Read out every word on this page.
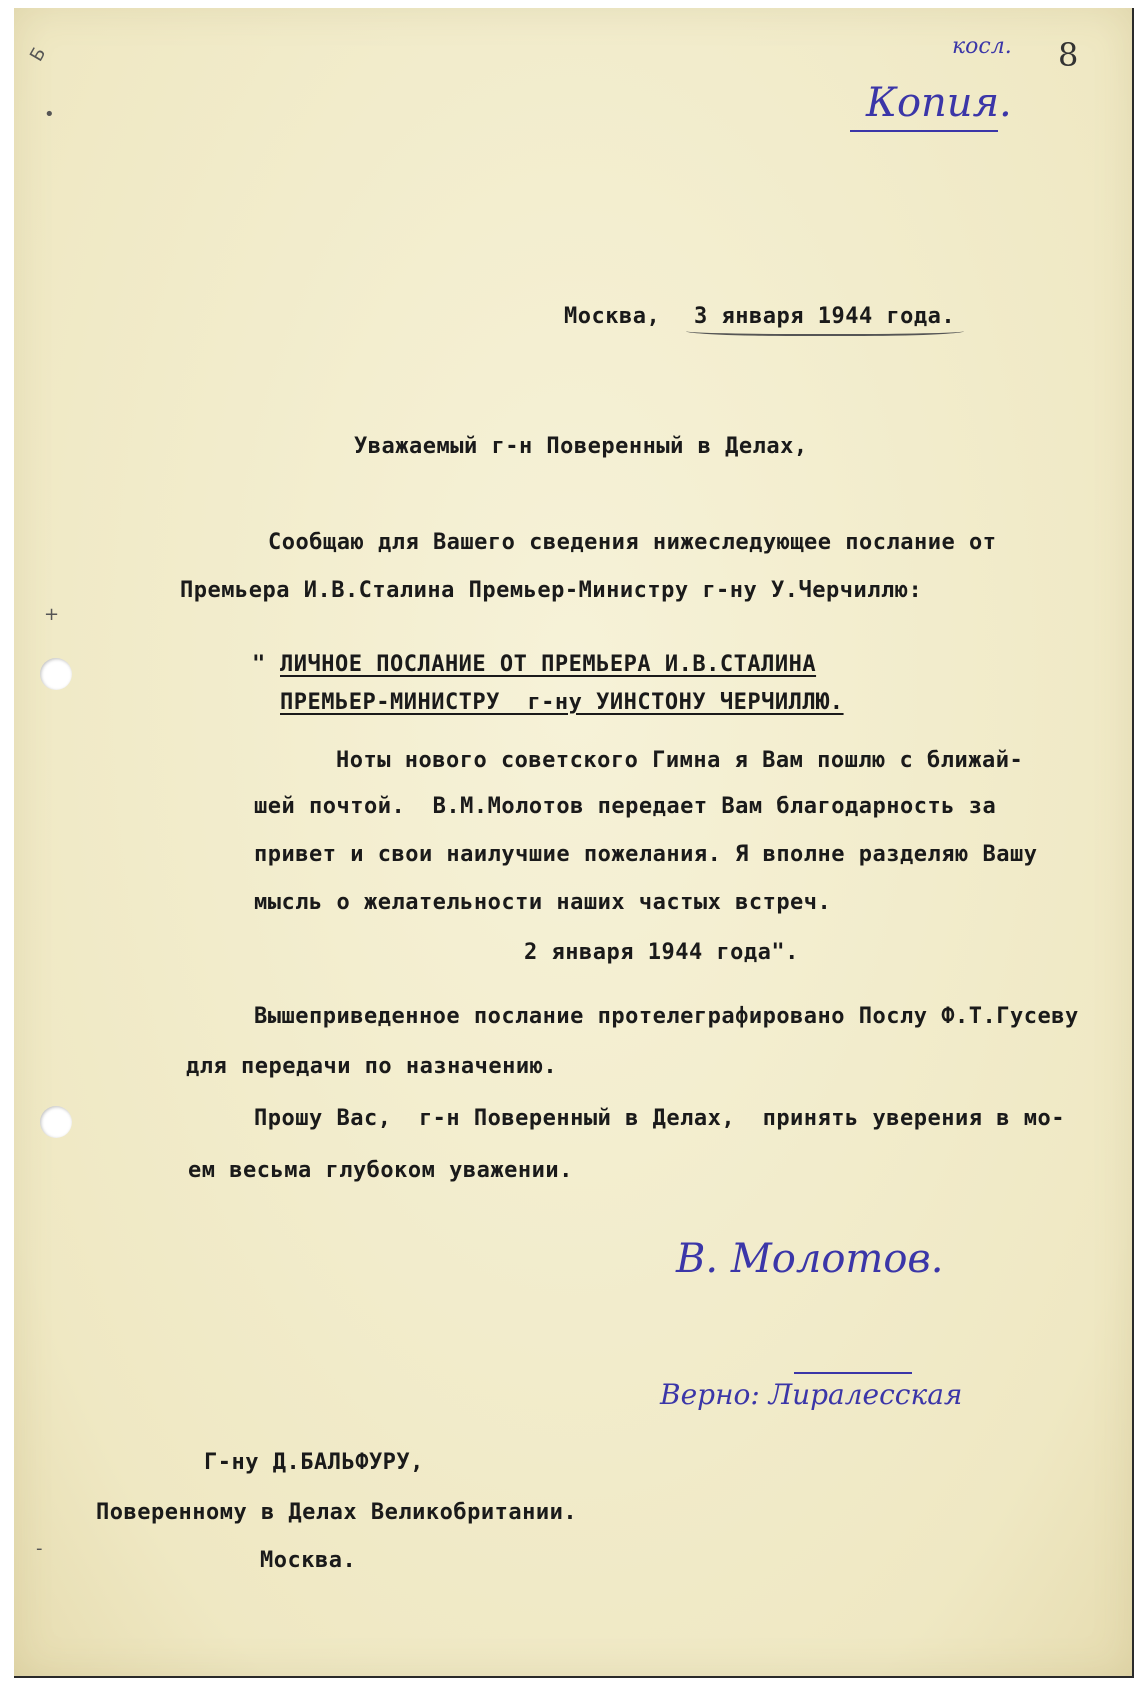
Б
•
+
-
косл. 8
Копия.
Москва, 3 января 1944 года.
Уважаемый г-н Поверенный в Делах,
Сообщаю для Вашего сведения нижеследующее послание от
Премьера И.В.Сталина Премьер-Министру г-ну У.Черчиллю:
" ЛИЧНОЕ ПОСЛАНИЕ ОТ ПРЕМЬЕРА И.В.СТАЛИНА
ПРЕМЬЕР-МИНИСТРУ  г-ну УИНСТОНУ ЧЕРЧИЛЛЮ.
Ноты нового советского Гимна я Вам пошлю с ближай-
шей почтой.  В.М.Молотов передает Вам благодарность за
привет и свои наилучшие пожелания. Я вполне разделяю Вашу
мысль о желательности наших частых встреч.
2 января 1944 года".
Вышеприведенное послание протелеграфировано Послу Ф.Т.Гусеву
для передачи по назначению.
Прошу Вас,  г-н Поверенный в Делах,  принять уверения в мо-
ем весьма глубоком уважении.
В. Молотов.
Верно: Лиралесская
Г-ну Д.БАЛЬФУРУ,
Поверенному в Делах Великобритании.
Москва.
